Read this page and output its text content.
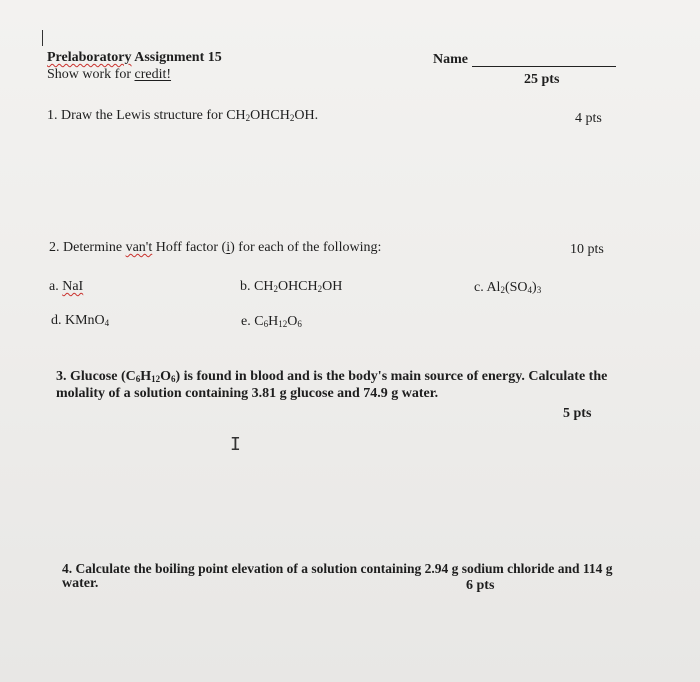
Prelaboratory Assignment 15
Show work for credit!
Name
25 pts
1. Draw the Lewis structure for $CH_2OHCH_2OH$.	4 pts
2. Determine van't Hoff factor (i) for each of the following:	10 pts
a. NaI	b. $CH_2OHCH_2OH$	c. $Al_2(SO_4)_3$
d. KMnO$_4$	e. $C_6H_{12}O_6$
3. Glucose $(C_6H_{12}O_6)$ is found in blood and is the body's main source of energy. Calculate the
molality of a solution containing 3.81 g glucose and 74.9 g water.
5 pts
I
4. Calculate the boiling point elevation of a solution containing 2.94 g sodium chloride and 114 g
water.	6 pts
